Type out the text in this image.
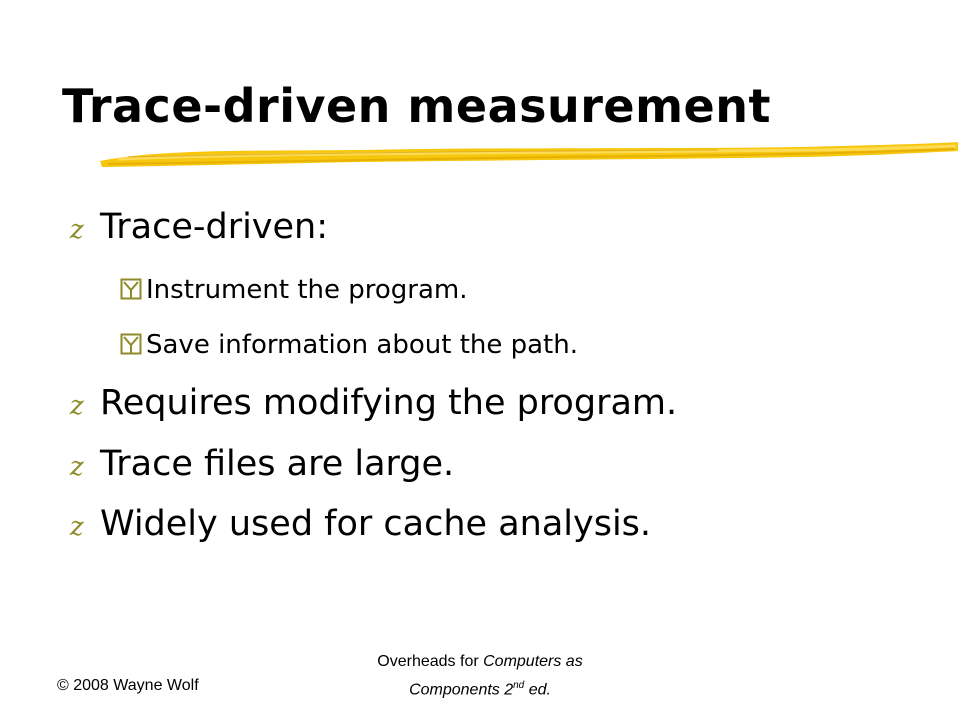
Trace-driven measurement
z Trace-driven:
Instrument the program.
Save information about the path.
z Requires modifying the program.
z Trace files are large.
z Widely used for cache analysis.
© 2008 Wayne Wolf
Overheads for Computers as
Components 2nd ed.
